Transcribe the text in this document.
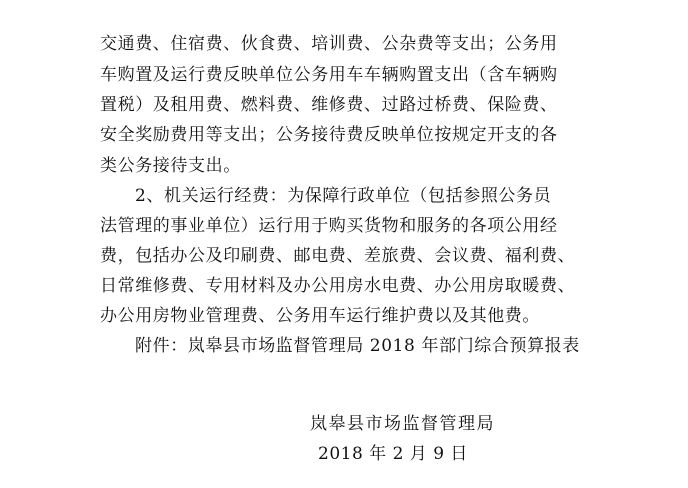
交通费、住宿费、伙食费、培训费、公杂费等支出；公务用
车购置及运行费反映单位公务用车车辆购置支出（含车辆购
置税）及租用费、燃料费、维修费、过路过桥费、保险费、
安全奖励费用等支出；公务接待费反映单位按规定开支的各
类公务接待支出。
2、机关运行经费：为保障行政单位（包括参照公务员
法管理的事业单位）运行用于购买货物和服务的各项公用经
费，包括办公及印刷费、邮电费、差旅费、会议费、福利费、
日常维修费、专用材料及办公用房水电费、办公用房取暖费、
办公用房物业管理费、公务用车运行维护费以及其他费。
附件：岚皋县市场监督管理局 2018 年部门综合预算报表
岚皋县市场监督管理局
2018 年 2 月 9 日
